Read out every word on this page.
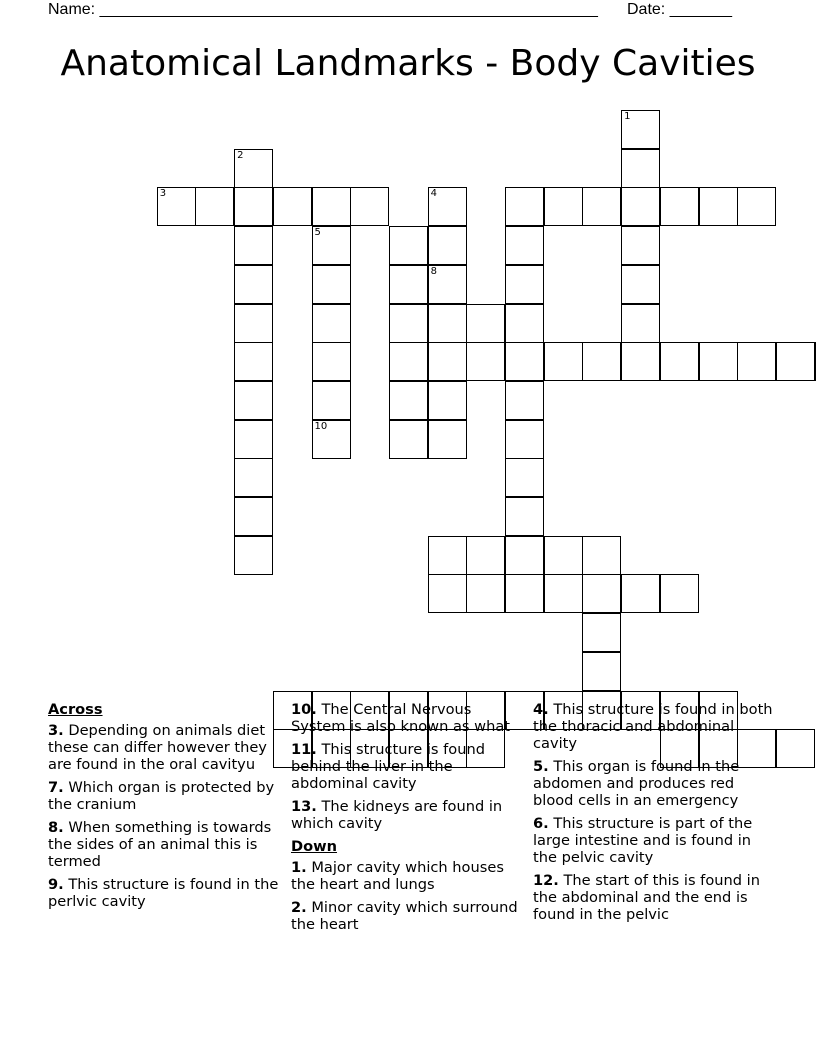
Name: ________________________________________________________ Date: _______
Anatomical Landmarks - Body Cavities
1
2
3	4
8
5
10
Across
3. Depending on animals diet these can differ however they are found in the oral cavityu
7. Which organ is protected by the cranium
8. When something is towards the sides of an animal this is termed
9. This structure is found in the perlvic cavity
10. The Central Nervous System is also known as what
11. This structure is found behind the liver in the abdominal cavity
13. The kidneys are found in which cavity
Down
1. Major cavity which houses the heart and lungs
2. Minor cavity which surround the heart
4. This structure is found in both the thoracic and abdominal cavity
5. This organ is found in the abdomen and produces red blood cells in an emergency
6. This structure is part of the large intestine and is found in the pelvic cavity
12. The start of this is found in the abdominal and the end is found in the pelvic
